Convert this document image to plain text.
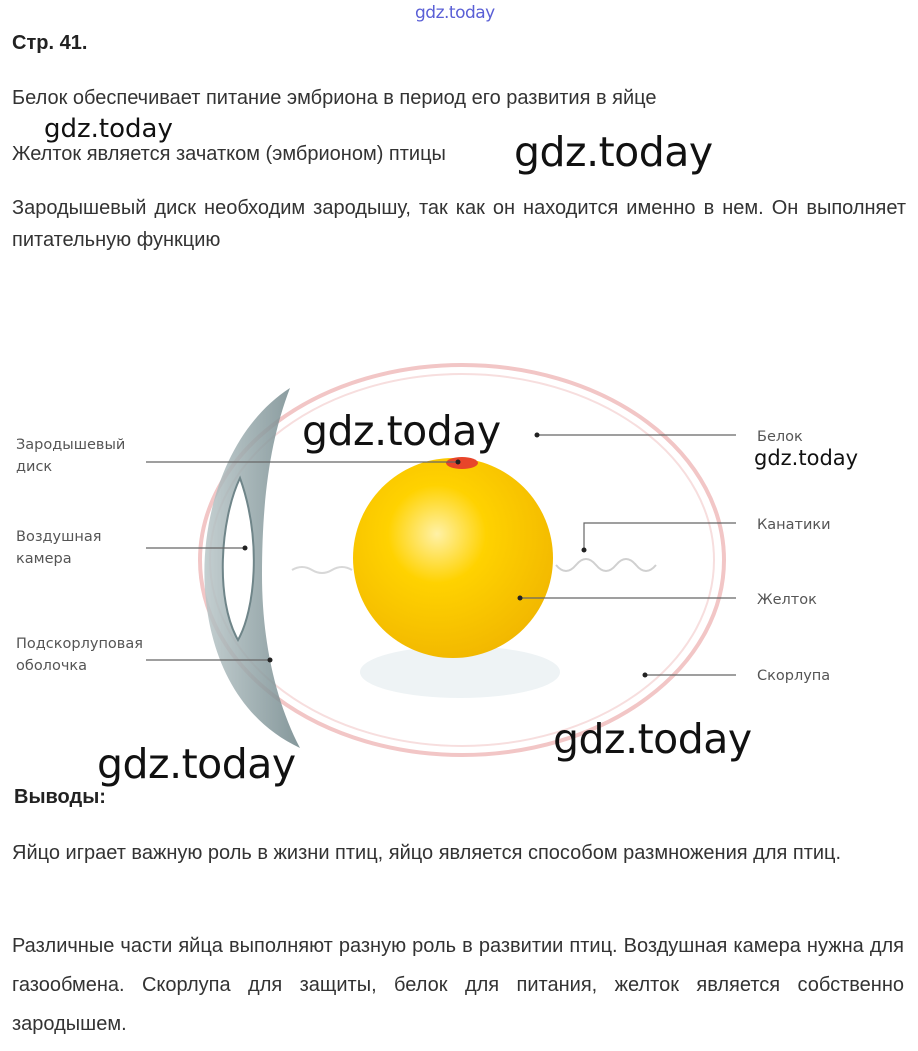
gdz.today
Стр. 41.
Белок обеспечивает питание эмбриона в период его развития в яйце
Желток является зачатком (эмбрионом) птицы
Зародышевый диск необходим зародышу, так как он находится именно в нем. Он выполняет питательную функцию
Зародышевый
диск
Воздушная
камера
Подскорлуповая
оболочка
Белок
Канатики
Желток
Скорлупа
gdz.today	gdz.today
gdz.today
gdz.today
gdz.today
gdz.today
Выводы:
Яйцо играет важную роль в жизни птиц, яйцо является способом размножения для птиц.
Различные части яйца выполняют разную роль в развитии птиц. Воздушная камера нужна для газообмена. Скорлупа для защиты, белок для питания, желток является собственно зародышем.
